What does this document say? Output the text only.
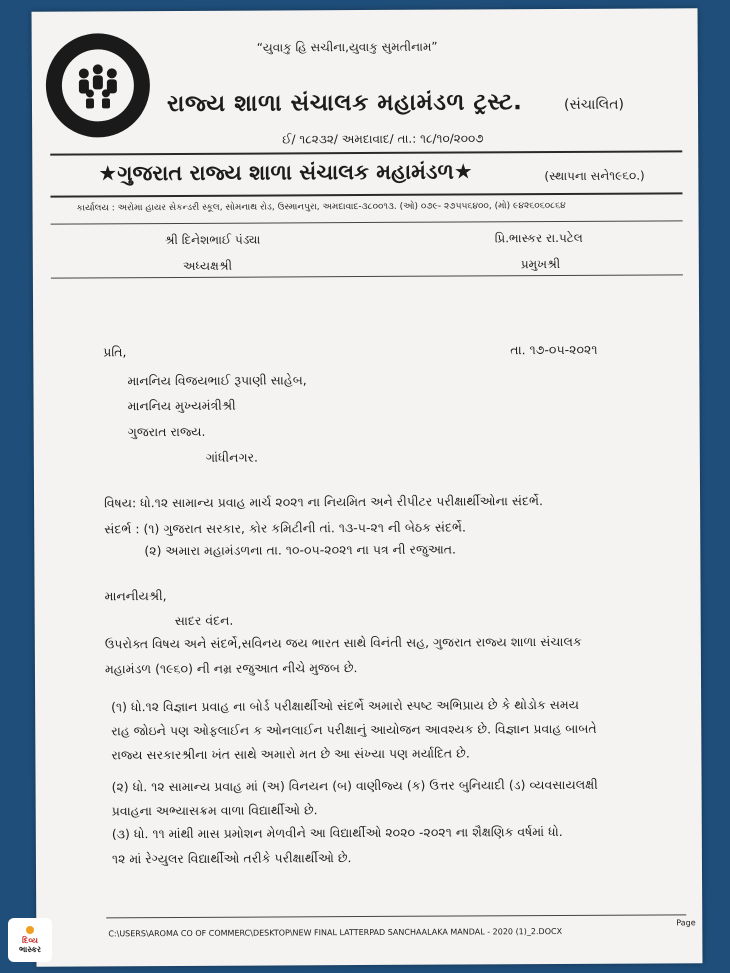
“યુવાકુ હિ સચીના,યુવાકુ સુમતીનામ”
રાજ્ય શાળા સંચાલક મહામંડળ ટ્રસ્ટ.	(સંચાલિત)
ઈ/ ૧૮૨૩૨/ અમદાવાદ/ તા.: ૧૮/૧૦/૨૦૦૭
★ગુજરાત રાજ્ય શાળા સંચાલક મહામંડળ★	(સ્થાપના સને૧૯૬૦.)
કાર્યાલય : અરોમા હાયર સેકન્ડરી સ્કૂલ, સોમનાથ રોડ, ઉસ્માનપુરા, અમદાવાદ-૩૮૦૦૧૩. (ઓ) ૦૭૯- ૨૭૫૫૬૪૦૦, (મો) ૯૪૨૬૦૬૦૮૬૪
શ્રી દિનેશભાઈ પંડ્યા	પ્રિ.ભાસ્કર રા.પટેલ
અધ્યક્ષશ્રી	પ્રમુખશ્રી
પ્રતિ,	તા. ૧૭-૦૫-૨૦૨૧
માનનિય વિજયભાઈ રૂપાણી સાહેબ,
માનનિય મુખ્યમંત્રીશ્રી
ગુજરાત રાજ્ય.
ગાંધીનગર.
વિષય: ધો.૧૨ સામાન્ય પ્રવાહ માર્ચ ૨૦૨૧ ના નિયમિત અને રીપીટર પરીક્ષાર્થીઓના સંદર્ભે.
સંદર્ભ : (૧) ગુજરાત સરકાર, કોર કમિટીની તાં. ૧૩-૫-૨૧ ની બેઠક સંદર્ભે.
(૨) અમારા મહામંડળના તા. ૧૦-૦૫-૨૦૨૧ ના પત્ર ની રજુઆત.
માનનીયશ્રી,
સાદર વંદન.
ઉપરોક્ત વિષય અને સંદર્ભે,સવિનય જય ભારત સાથે વિનંતી સહ, ગુજરાત રાજ્ય શાળા સંચાલક
મહામંડળ (૧૯૬૦) ની નમ્ર રજુઆત નીચે મુજબ છે.
(૧) ધો.૧૨ વિજ્ઞાન પ્રવાહ ના બોર્ડ પરીક્ષાર્થીઓ સંદર્ભે અમારો સ્પષ્ટ અભિપ્રાય છે કે થોડોક સમય
રાહ જોઇને પણ ઓફલાઈન ક ઓનલાઈન પરીક્ષાનું આયોજન આવશ્યક છે. વિજ્ઞાન પ્રવાહ બાબતે
રાજ્ય સરકારશ્રીના ખંત સાથે અમારો મત છે આ સંખ્યા પણ મર્યાદિત છે.
(૨) ધો. ૧૨ સામાન્ય પ્રવાહ માં (અ) વિનયન (બ) વાણીજ્ય (ક) ઉત્તર બુનિયાદી (ડ) વ્યવસાયલક્ષી
પ્રવાહના અભ્યાસક્રમ વાળા વિદ્યાર્થીઓ છે.
(૩) ધો. ૧૧ માંથી માસ પ્રમોશન મેળવીને આ વિદ્યાર્થીઓ ૨૦૨૦ -૨૦૨૧ ના શૈક્ષણિક વર્ષમાં ધો.
૧૨ માં રેગ્યુલર વિદ્યાર્થીઓ તરીકે પરીક્ષાર્થીઓ છે.
C:\USERS\AROMA CO OF COMMERC\DESKTOP\NEW FINAL LATTERPAD SANCHAALAKA MANDAL - 2020 (1)_2.DOCX
Page
દિવ્ય
ભાસ્કર
